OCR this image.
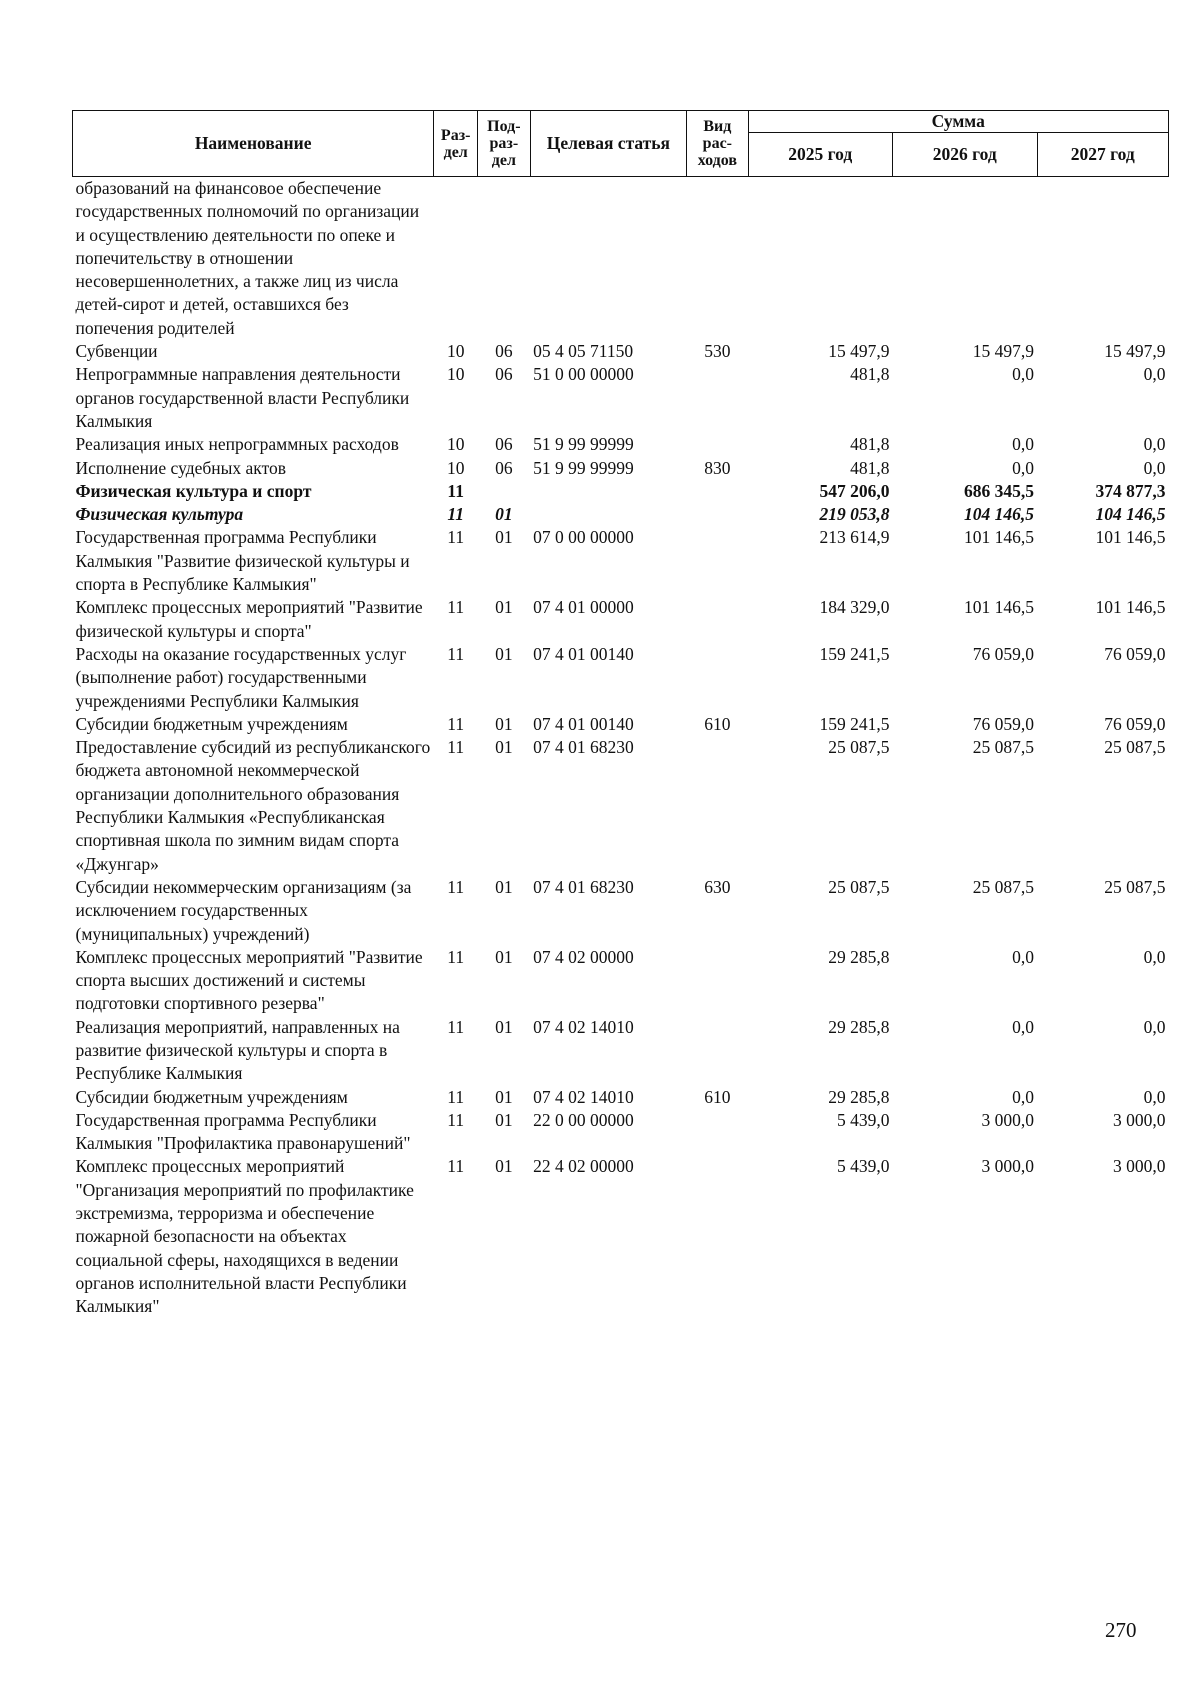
Наименование	Раз-дел	Под-раз-дел	Целевая статья	Вид рас-ходов	Сумма		
					2025 год	2026 год	2027 год
образований на финансовое обеспечение государственных полномочий по организации и осуществлению деятельности по опеке и попечительству в отношении несовершеннолетних, а также лиц из числа детей-сирот и детей, оставшихся без попечения родителей							
Субвенции	10	06	05 4 05 71150	530	15 497,9	15 497,9	15 497,9
Непрограммные направления деятельности органов государственной власти Республики Калмыкия	10	06	51 0 00 00000		481,8	0,0	0,0
Реализация иных непрограммных расходов	10	06	51 9 99 99999		481,8	0,0	0,0
Исполнение судебных актов	10	06	51 9 99 99999	830	481,8	0,0	0,0
Физическая культура и спорт	11				547 206,0	686 345,5	374 877,3
Физическая культура	11	01			219 053,8	104 146,5	104 146,5
Государственная программа Республики Калмыкия "Развитие физической культуры и спорта в Республике Калмыкия"	11	01	07 0 00 00000		213 614,9	101 146,5	101 146,5
Комплекс процессных мероприятий "Развитие физической культуры и спорта"	11	01	07 4 01 00000		184 329,0	101 146,5	101 146,5
Расходы на оказание государственных услуг (выполнение работ) государственными учреждениями Республики Калмыкия	11	01	07 4 01 00140		159 241,5	76 059,0	76 059,0
Субсидии бюджетным учреждениям	11	01	07 4 01 00140	610	159 241,5	76 059,0	76 059,0
Предоставление субсидий из республиканского бюджета автономной некоммерческой организации дополнительного образования Республики Калмыкия «Республиканская спортивная школа по зимним видам спорта «Джунгар»	11	01	07 4 01 68230		25 087,5	25 087,5	25 087,5
Субсидии некоммерческим организациям (за исключением государственных (муниципальных) учреждений)	11	01	07 4 01 68230	630	25 087,5	25 087,5	25 087,5
Комплекс процессных мероприятий "Развитие спорта высших достижений и системы подготовки спортивного резерва"	11	01	07 4 02 00000		29 285,8	0,0	0,0
Реализация мероприятий, направленных на развитие физической культуры и спорта в Республике Калмыкия	11	01	07 4 02 14010		29 285,8	0,0	0,0
Субсидии бюджетным учреждениям	11	01	07 4 02 14010	610	29 285,8	0,0	0,0
Государственная программа Республики Калмыкия "Профилактика правонарушений"	11	01	22 0 00 00000		5 439,0	3 000,0	3 000,0
Комплекс процессных мероприятий "Организация мероприятий по профилактике экстремизма, терроризма и обеспечение пожарной безопасности на объектах социальной сферы, находящихся в ведении органов исполнительной власти Республики Калмыкия"	11	01	22 4 02 00000		5 439,0	3 000,0	3 000,0
270
